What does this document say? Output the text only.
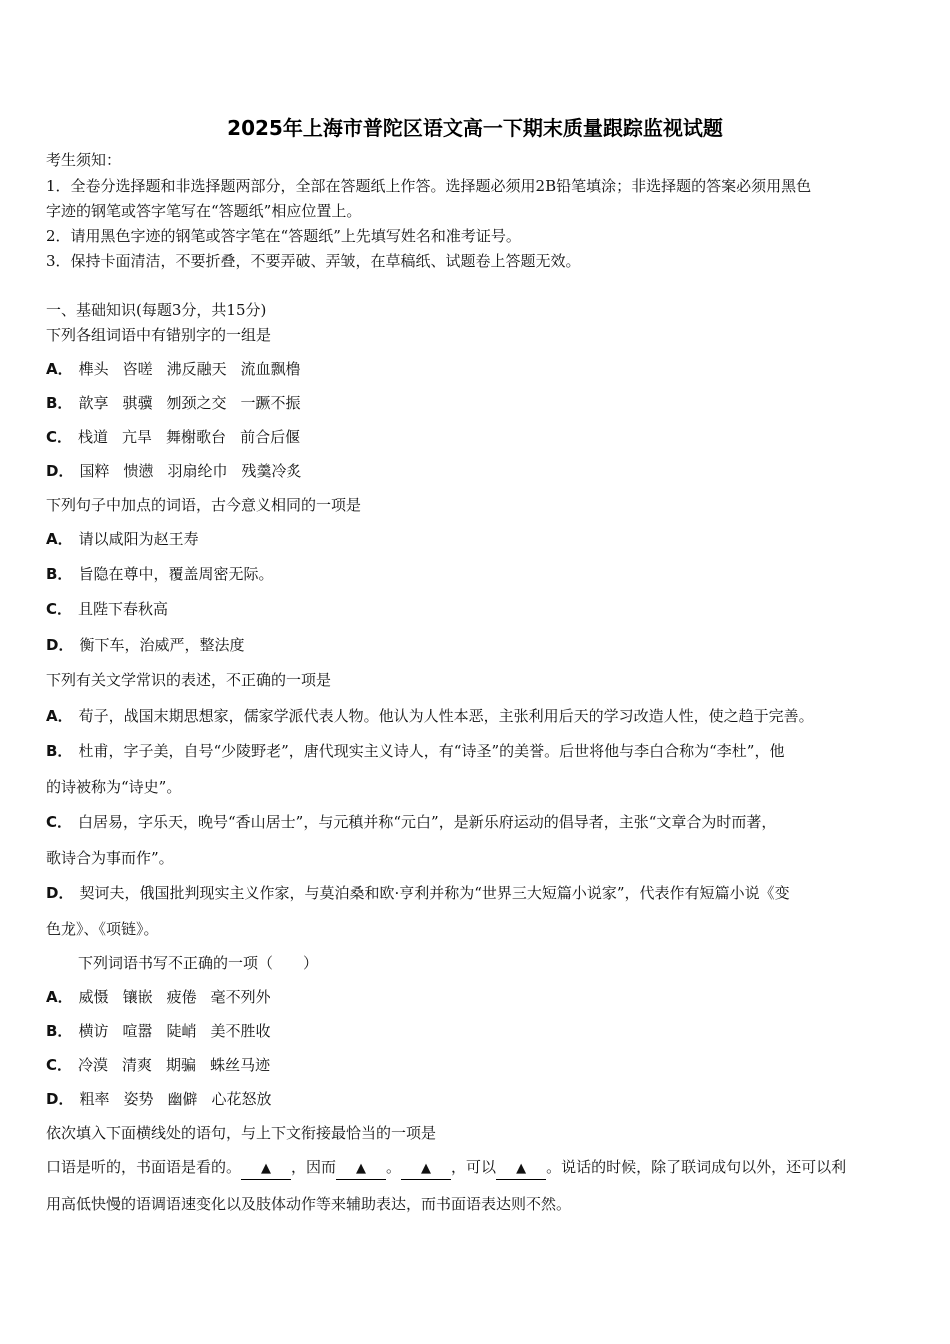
2025年上海市普陀区语文高一下期末质量跟踪监视试题
考生须知：
1．全卷分选择题和非选择题两部分，全部在答题纸上作答。选择题必须用2B铅笔填涂；非选择题的答案必须用黑色
字迹的钢笔或答字笔写在“答题纸”相应位置上。
2．请用黑色字迹的钢笔或答字笔在“答题纸”上先填写姓名和准考证号。
3．保持卡面清洁，不要折叠，不要弄破、弄皱，在草稿纸、试题卷上答题无效。
一、基础知识(每题3分，共15分)
下列各组词语中有错别字的一组是
A． 榫头 咨嗟 沸反融天 流血飘橹
B． 歆享 骐骥 刎颈之交 一蹶不振
C． 栈道 亢旱 舞榭歌台 前合后偃
D． 国粹 愦懑 羽扇纶巾 残羹冷炙
下列句子中加点的词语，古今意义相同的一项是
A． 请以咸阳为赵王寿
B． 旨隐在尊中，覆盖周密无际。
C． 且陛下春秋高
D． 衡下车，治威严，整法度
下列有关文学常识的表述，不正确的一项是
A． 荀子，战国末期思想家，儒家学派代表人物。他认为人性本恶，主张利用后天的学习改造人性，使之趋于完善。
B． 杜甫，字子美，自号“少陵野老”，唐代现实主义诗人，有“诗圣”的美誉。后世将他与李白合称为“李杜”，他
的诗被称为“诗史”。
C． 白居易，字乐天，晚号“香山居士”，与元稹并称“元白”，是新乐府运动的倡导者，主张“文章合为时而著，
歌诗合为事而作”。
D． 契诃夫，俄国批判现实主义作家，与莫泊桑和欧·亨利并称为“世界三大短篇小说家”，代表作有短篇小说《变
色龙》、《项链》。
下列词语书写不正确的一项（　　）
A． 威慑 镶嵌 疲倦 毫不列外
B． 横访 喧嚣 陡峭 美不胜收
C． 冷漠 清爽 期骗 蛛丝马迹
D． 粗率 姿势 幽僻 心花怒放
依次填入下面横线处的语句，与上下文衔接最恰当的一项是
口语是听的，书面语是看的。 ▲ ，因而 ▲ 。 ▲ ，可以 ▲ 。说话的时候，除了联词成句以外，还可以利
用高低快慢的语调语速变化以及肢体动作等来辅助表达，而书面语表达则不然。
